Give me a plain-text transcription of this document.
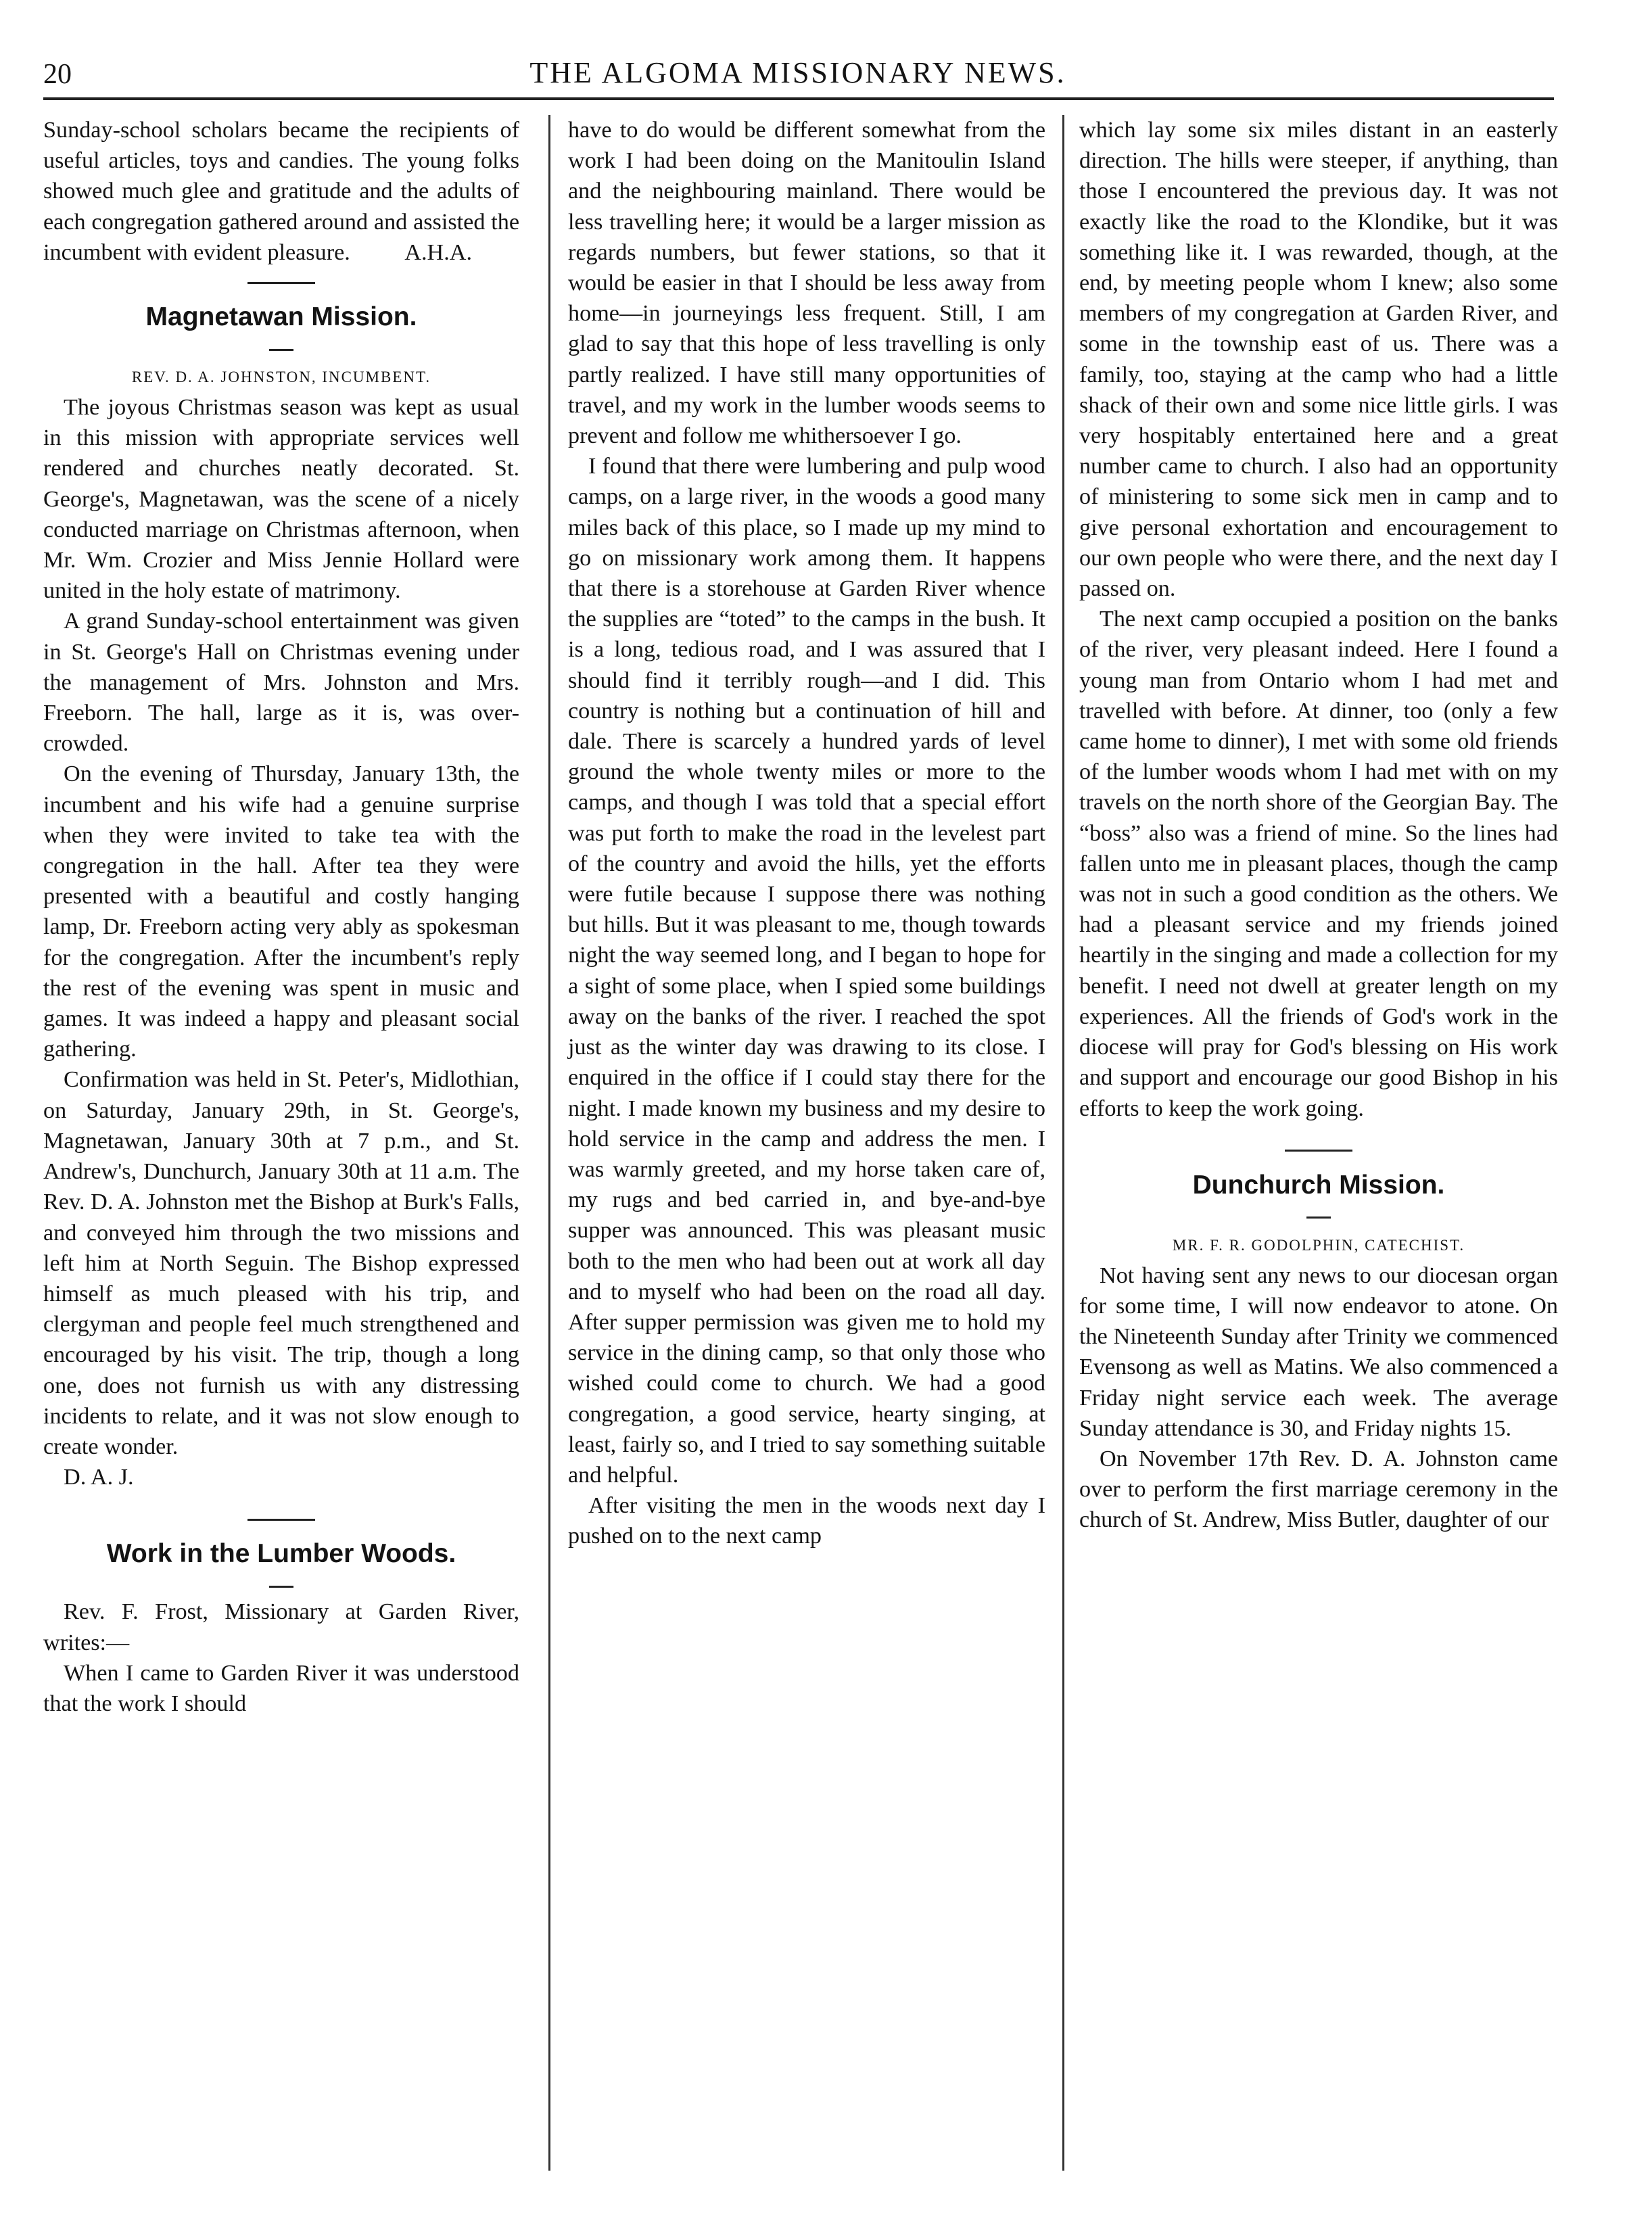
20	THE ALGOMA MISSIONARY NEWS.

Sunday-school scholars became the recipients of useful articles, toys and candies. The young folks showed much glee and gratitude and the adults of each congregation gathered around and assisted the incumbent with evident pleasure. A.H.A.

Magnetawan Mission.
REV. D. A. JOHNSTON, INCUMBENT.

The joyous Christmas season was kept as usual in this mission with appropriate services well rendered and churches neatly decorated. St. George's, Magnetawan, was the scene of a nicely conducted marriage on Christmas afternoon, when Mr. Wm. Crozier and Miss Jennie Hollard were united in the holy estate of matrimony.

A grand Sunday-school entertainment was given in St. George's Hall on Christmas evening under the management of Mrs. Johnston and Mrs. Freeborn. The hall, large as it is, was over-crowded.

On the evening of Thursday, January 13th, the incumbent and his wife had a genuine surprise when they were invited to take tea with the congregation in the hall. After tea they were presented with a beautiful and costly hanging lamp, Dr. Freeborn acting very ably as spokesman for the congregation. After the incumbent's reply the rest of the evening was spent in music and games. It was indeed a happy and pleasant social gathering.

Confirmation was held in St. Peter's, Midlothian, on Saturday, January 29th, in St. George's, Magnetawan, January 30th at 7 p.m., and St. Andrew's, Dunchurch, January 30th at 11 a.m. The Rev. D. A. Johnston met the Bishop at Burk's Falls, and conveyed him through the two missions and left him at North Seguin. The Bishop expressed himself as much pleased with his trip, and clergyman and people feel much strengthened and encouraged by his visit. The trip, though a long one, does not furnish us with any distressing incidents to relate, and it was not slow enough to create wonder.

D. A. J.

Work in the Lumber Woods.

Rev. F. Frost, Missionary at Garden River, writes:—

When I came to Garden River it was understood that the work I should

have to do would be different somewhat from the work I had been doing on the Manitoulin Island and the neighbouring mainland. There would be less travelling here; it would be a larger mission as regards numbers, but fewer stations, so that it would be easier in that I should be less away from home—in journeyings less frequent. Still, I am glad to say that this hope of less travelling is only partly realized. I have still many opportunities of travel, and my work in the lumber woods seems to prevent and follow me whithersoever I go.

I found that there were lumbering and pulp wood camps, on a large river, in the woods a good many miles back of this place, so I made up my mind to go on missionary work among them. It happens that there is a storehouse at Garden River whence the supplies are “toted” to the camps in the bush. It is a long, tedious road, and I was assured that I should find it terribly rough—and I did. This country is nothing but a continuation of hill and dale. There is scarcely a hundred yards of level ground the whole twenty miles or more to the camps, and though I was told that a special effort was put forth to make the road in the levelest part of the country and avoid the hills, yet the efforts were futile because I suppose there was nothing but hills. But it was pleasant to me, though towards night the way seemed long, and I began to hope for a sight of some place, when I spied some buildings away on the banks of the river. I reached the spot just as the winter day was drawing to its close. I enquired in the office if I could stay there for the night. I made known my business and my desire to hold service in the camp and address the men. I was warmly greeted, and my horse taken care of, my rugs and bed carried in, and bye-and-bye supper was announced. This was pleasant music both to the men who had been out at work all day and to myself who had been on the road all day. After supper permission was given me to hold my service in the dining camp, so that only those who wished could come to church. We had a good congregation, a good service, hearty singing, at least, fairly so, and I tried to say something suitable and helpful.

After visiting the men in the woods next day I pushed on to the next camp

which lay some six miles distant in an easterly direction. The hills were steeper, if anything, than those I encountered the previous day. It was not exactly like the road to the Klondike, but it was something like it. I was rewarded, though, at the end, by meeting people whom I knew; also some members of my congregation at Garden River, and some in the township east of us. There was a family, too, staying at the camp who had a little shack of their own and some nice little girls. I was very hospitably entertained here and a great number came to church. I also had an opportunity of ministering to some sick men in camp and to give personal exhortation and encouragement to our own people who were there, and the next day I passed on.

The next camp occupied a position on the banks of the river, very pleasant indeed. Here I found a young man from Ontario whom I had met and travelled with before. At dinner, too (only a few came home to dinner), I met with some old friends of the lumber woods whom I had met with on my travels on the north shore of the Georgian Bay. The “boss” also was a friend of mine. So the lines had fallen unto me in pleasant places, though the camp was not in such a good condition as the others. We had a pleasant service and my friends joined heartily in the singing and made a collection for my benefit. I need not dwell at greater length on my experiences. All the friends of God's work in the diocese will pray for God's blessing on His work and support and encourage our good Bishop in his efforts to keep the work going.

Dunchurch Mission.
MR. F. R. GODOLPHIN, CATECHIST.

Not having sent any news to our diocesan organ for some time, I will now endeavor to atone. On the Nineteenth Sunday after Trinity we commenced Evensong as well as Matins. We also commenced a Friday night service each week. The average Sunday attendance is 30, and Friday nights 15.

On November 17th Rev. D. A. Johnston came over to perform the first marriage ceremony in the church of St. Andrew, Miss Butler, daughter of our
